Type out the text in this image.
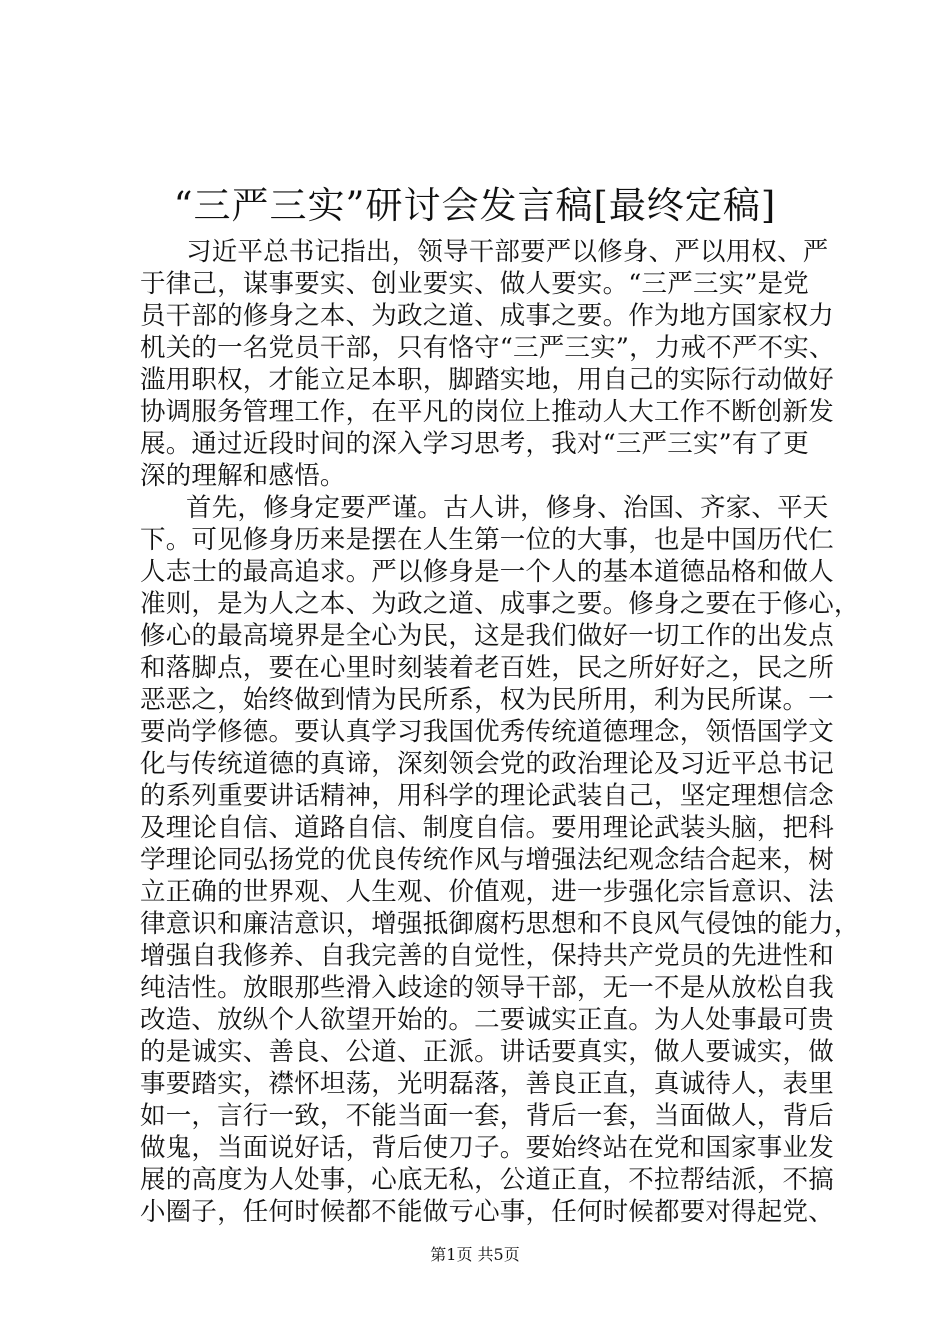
“三严三实”研讨会发言稿[最终定稿]
习近平总书记指出，领导干部要严以修身、严以用权、严
于律己，谋事要实、创业要实、做人要实。“三严三实”是党
员干部的修身之本、为政之道、成事之要。作为地方国家权力
机关的一名党员干部，只有恪守“三严三实”，力戒不严不实、
滥用职权，才能立足本职，脚踏实地，用自己的实际行动做好
协调服务管理工作，在平凡的岗位上推动人大工作不断创新发
展。通过近段时间的深入学习思考，我对“三严三实”有了更
深的理解和感悟。
首先，修身定要严谨。古人讲，修身、治国、齐家、平天
下。可见修身历来是摆在人生第一位的大事，也是中国历代仁
人志士的最高追求。严以修身是一个人的基本道德品格和做人
准则，是为人之本、为政之道、成事之要。修身之要在于修心，
修心的最高境界是全心为民，这是我们做好一切工作的出发点
和落脚点，要在心里时刻装着老百姓，民之所好好之，民之所
恶恶之，始终做到情为民所系，权为民所用，利为民所谋。一
要尚学修德。要认真学习我国优秀传统道德理念，领悟国学文
化与传统道德的真谛，深刻领会党的政治理论及习近平总书记
的系列重要讲话精神，用科学的理论武装自己，坚定理想信念
及理论自信、道路自信、制度自信。要用理论武装头脑，把科
学理论同弘扬党的优良传统作风与增强法纪观念结合起来，树
立正确的世界观、人生观、价值观，进一步强化宗旨意识、法
律意识和廉洁意识，增强抵御腐朽思想和不良风气侵蚀的能力，
增强自我修养、自我完善的自觉性，保持共产党员的先进性和
纯洁性。放眼那些滑入歧途的领导干部，无一不是从放松自我
改造、放纵个人欲望开始的。二要诚实正直。为人处事最可贵
的是诚实、善良、公道、正派。讲话要真实，做人要诚实，做
事要踏实，襟怀坦荡，光明磊落，善良正直，真诚待人，表里
如一，言行一致，不能当面一套，背后一套，当面做人，背后
做鬼，当面说好话，背后使刀子。要始终站在党和国家事业发
展的高度为人处事，心底无私，公道正直，不拉帮结派，不搞
小圈子，任何时候都不能做亏心事，任何时候都要对得起党、
第1页 共5页
